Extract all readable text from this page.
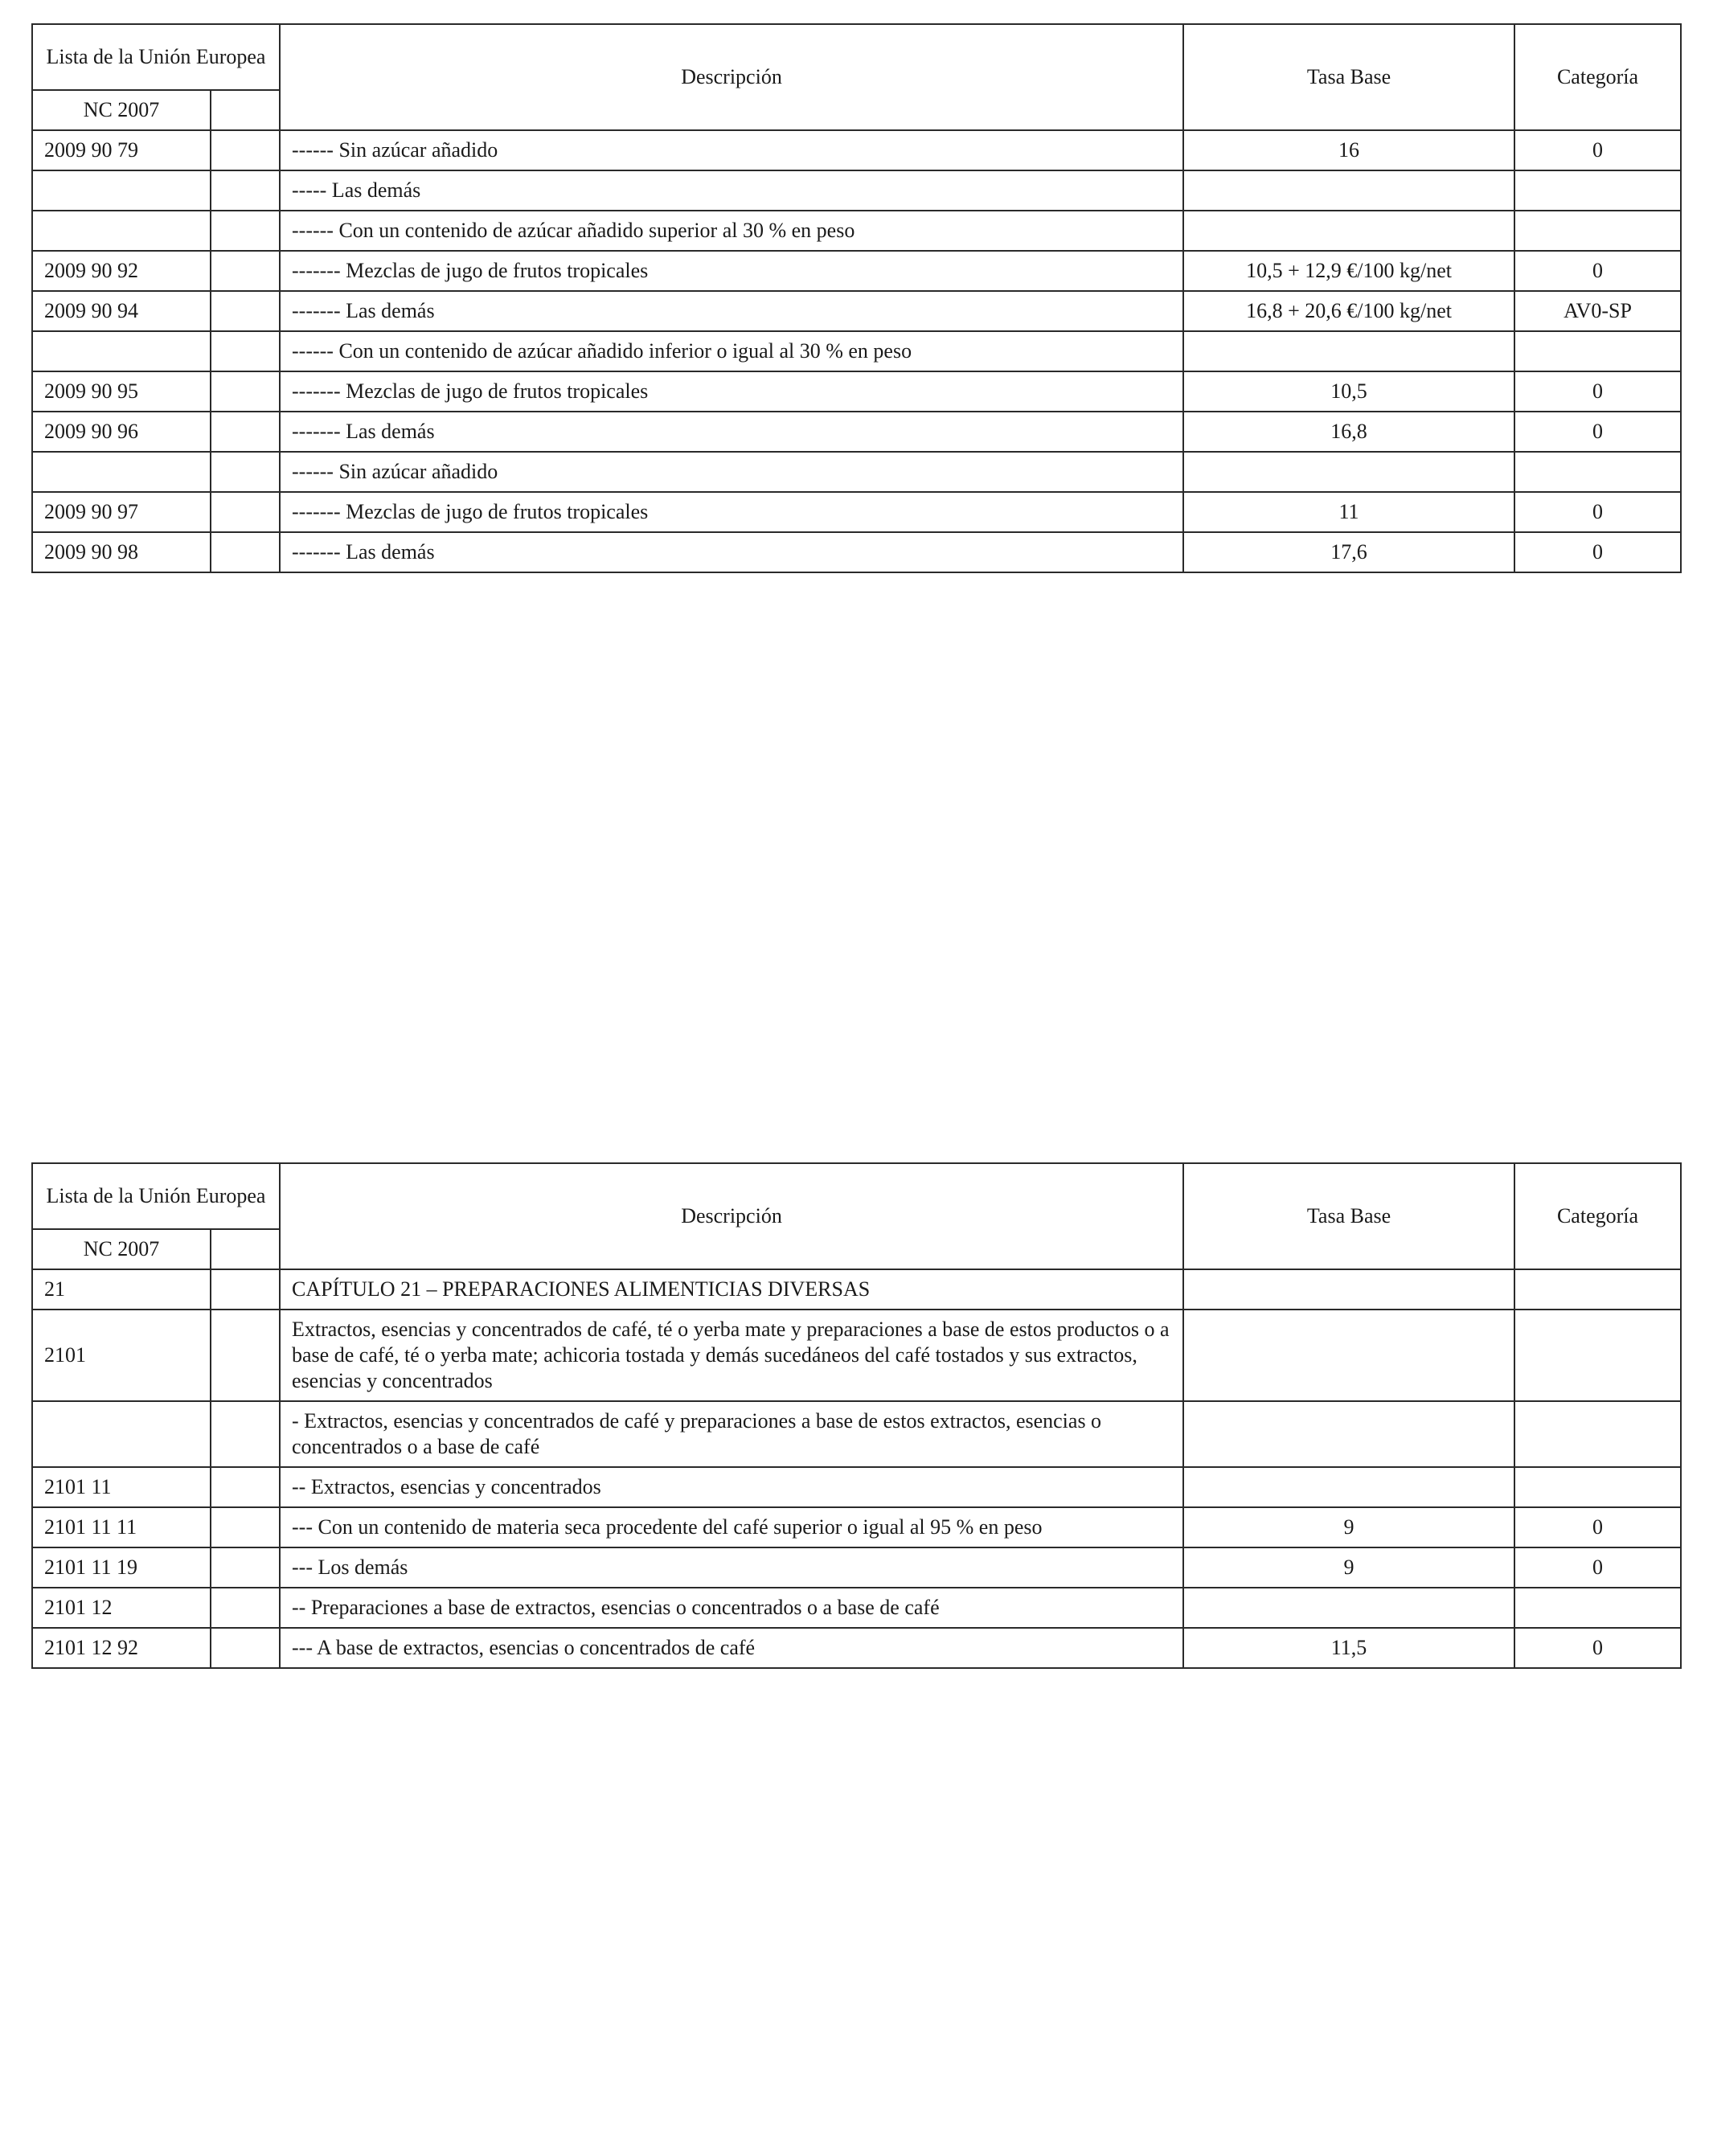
Lista de la Unión Europea		Descripción	Tasa Base	Categoría
NC 2007				
2009 90 79		------ Sin azúcar añadido	16	0
		----- Las demás		
		------ Con un contenido de azúcar añadido superior al 30 % en peso		
2009 90 92		------- Mezclas de jugo de frutos tropicales	10,5 + 12,9 €/100 kg/net	0
2009 90 94		------- Las demás	16,8 + 20,6 €/100 kg/net	AV0-SP
		------ Con un contenido de azúcar añadido inferior o igual al 30 % en peso		
2009 90 95		------- Mezclas de jugo de frutos tropicales	10,5	0
2009 90 96		------- Las demás	16,8	0
		------ Sin azúcar añadido		
2009 90 97		------- Mezclas de jugo de frutos tropicales	11	0
2009 90 98		------- Las demás	17,6	0
Lista de la Unión Europea		Descripción	Tasa Base	Categoría
NC 2007				
21		CAPÍTULO 21 – PREPARACIONES ALIMENTICIAS DIVERSAS		
2101		Extractos, esencias y concentrados de café, té o yerba mate y preparaciones a base de estos productos o a base de café, té o yerba mate; achicoria tostada y demás sucedáneos del café tostados y sus extractos, esencias y concentrados		
		- Extractos, esencias y concentrados de café y preparaciones a base de estos extractos, esencias o concentrados o a base de café		
2101 11		-- Extractos, esencias y concentrados		
2101 11 11		--- Con un contenido de materia seca procedente del café superior o igual al 95 % en peso	9	0
2101 11 19		--- Los demás	9	0
2101 12		-- Preparaciones a base de extractos, esencias o concentrados o a base de café		
2101 12 92		--- A base de extractos, esencias o concentrados de café	11,5	0
